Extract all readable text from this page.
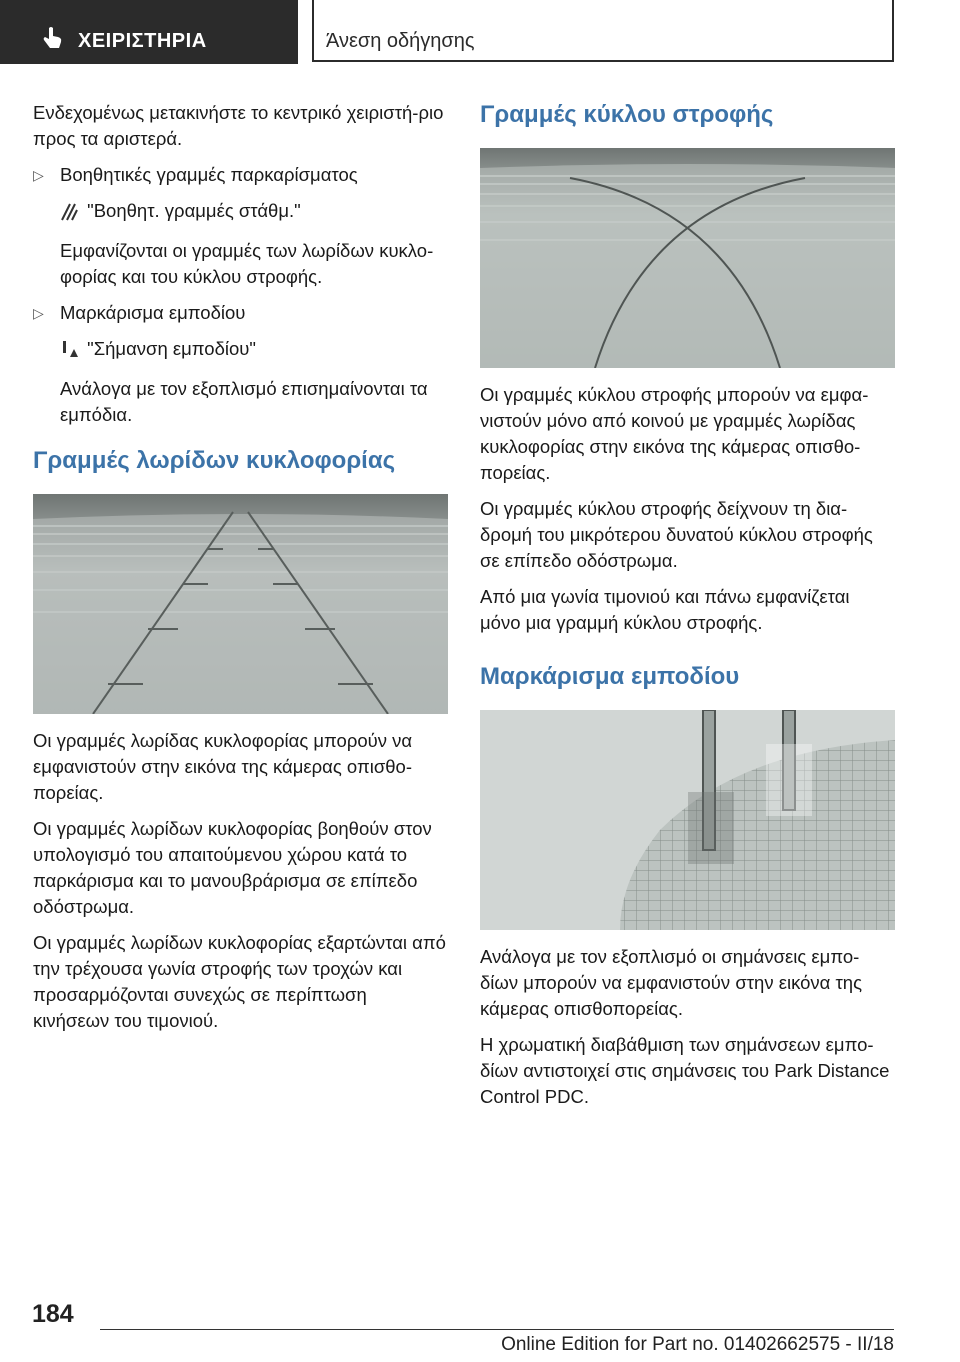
ΧΕΙΡΙΣΤΗΡΙΑ	Άνεση οδήγησης

Ενδεχομένως μετακινήστε το κεντρικό χειριστή-ριο προς τα αριστερά.

▷ Βοηθητικές γραμμές παρκαρίσματος
"Βοηθητ. γραμμές στάθμ."

Εμφανίζονται οι γραμμές των λωρίδων κυκλο-φορίας και του κύκλου στροφής.

▷ Μαρκάρισμα εμποδίου
"Σήμανση εμποδίου"

Ανάλογα με τον εξοπλισμό επισημαίνονται τα εμπόδια.

Γραμμές λωρίδων κυκλοφορίας

Οι γραμμές λωρίδας κυκλοφορίας μπορούν να εμφανιστούν στην εικόνα της κάμερας οπισθο-πορείας.

Οι γραμμές λωρίδων κυκλοφορίας βοηθούν στον υπολογισμό του απαιτούμενου χώρου κατά το παρκάρισμα και το μανουβράρισμα σε επίπεδο οδόστρωμα.

Οι γραμμές λωρίδων κυκλοφορίας εξαρτώνται από την τρέχουσα γωνία στροφής των τροχών και προσαρμόζονται συνεχώς σε περίπτωση κινήσεων του τιμονιού.

Γραμμές κύκλου στροφής

Οι γραμμές κύκλου στροφής μπορούν να εμφα-νιστούν μόνο από κοινού με γραμμές λωρίδας κυκλοφορίας στην εικόνα της κάμερας οπισθο-πορείας.

Οι γραμμές κύκλου στροφής δείχνουν τη δια-δρομή του μικρότερου δυνατού κύκλου στροφής σε επίπεδο οδόστρωμα.

Από μια γωνία τιμονιού και πάνω εμφανίζεται μόνο μια γραμμή κύκλου στροφής.

Μαρκάρισμα εμποδίου

Ανάλογα με τον εξοπλισμό οι σημάνσεις εμπο-δίων μπορούν να εμφανιστούν στην εικόνα της κάμερας οπισθοπορείας.

Η χρωματική διαβάθμιση των σημάνσεων εμπο-δίων αντιστοιχεί στις σημάνσεις του Park Distance Control PDC.

184
Online Edition for Part no. 01402662575 - II/18
